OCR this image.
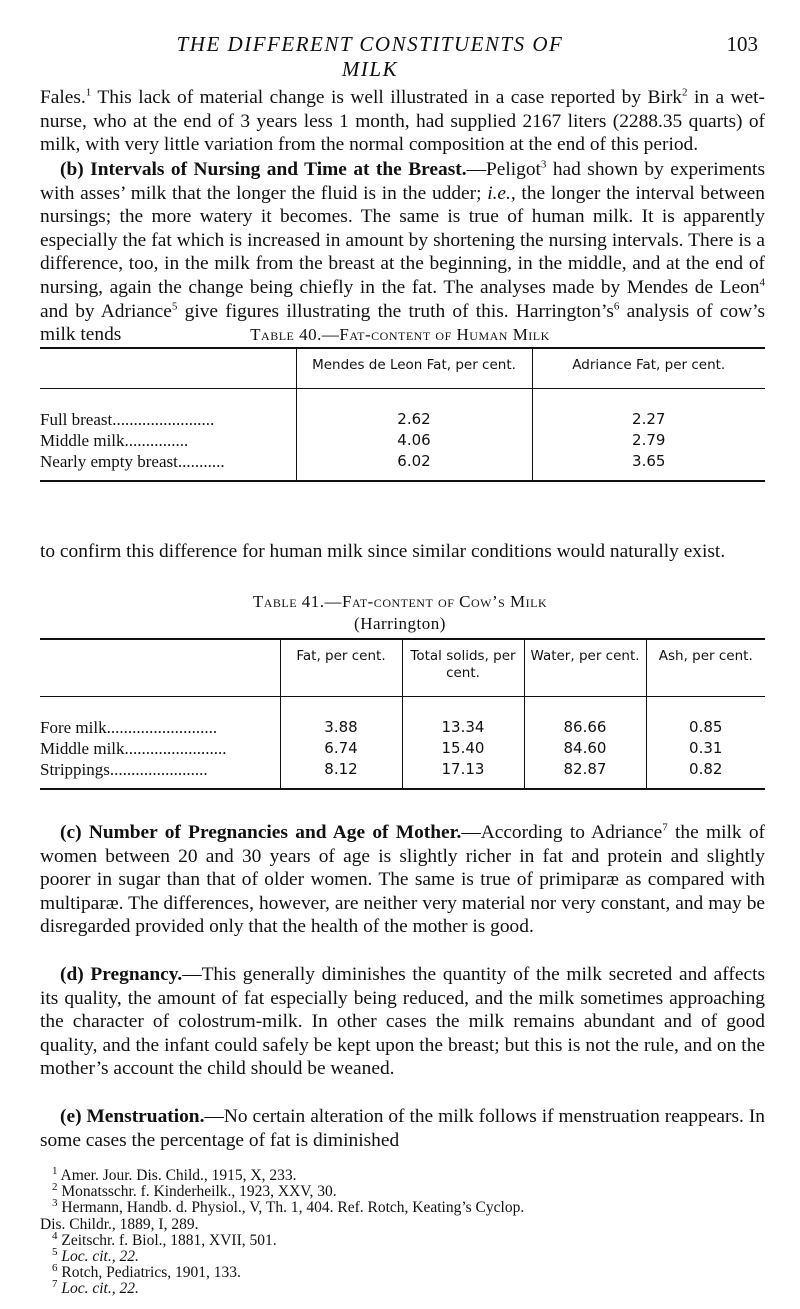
THE DIFFERENT CONSTITUENTS OF MILK
103

Fales.$^1$ This lack of material change is well illustrated in a case reported by Birk$^2$ in a wet-nurse, who at the end of 3 years less 1 month, had supplied 2167 liters (2288.35 quarts) of milk, with very little variation from the normal composition at the end of this period.

(b) Intervals of Nursing and Time at the Breast.—Peligot$^3$ had shown by experiments with asses’ milk that the longer the fluid is in the udder; i.e., the longer the interval between nursings; the more watery it becomes. The same is true of human milk. It is apparently especially the fat which is increased in amount by shortening the nursing intervals. There is a difference, too, in the milk from the breast at the beginning, in the middle, and at the end of nursing, again the change being chiefly in the fat. The analyses made by Mendes de Leon$^4$ and by Adriance$^5$ give figures illustrating the truth of this. $Harrington’s^6$ analysis of cow’s milk tends	Table 40.—Fat-content of Human Milk
	Mendes de Leon Fat, per cent.	Adriance Fat, per cent.
Full breast........................	2.62	2.27
Middle milk...............	4.06	2.79
Nearly empty breast...........	6.02	3.65

to confirm this difference for human milk since similar conditions would naturally exist.

Table 41.—Fat-content of Cow’s Milk
(Harrington)
	Fat, per cent.	Total solids, per cent.	Water, per cent.	Ash, per cent.
Fore milk..........................	3.88	13.34	86.66	0.85
Middle milk........................	6.74	15.40	84.60	0.31
Strippings.......................	8.12	17.13	82.87	0.82

(c) Number of Pregnancies and Age of Mother.—According to Adriance$^7$ the milk of women between 20 and 30 years of age is slightly richer in fat and protein and slightly poorer in sugar than that of older women. The same is true of primiparæ as compared with multiparæ. The differences, however, are neither very material nor very constant, and may be disregarded provided only that the health of the mother is good.

(d) Pregnancy.—This generally diminishes the quantity of the milk secreted and affects its quality, the amount of fat especially being reduced, and the milk sometimes approaching the character of colostrum-milk. In other cases the milk remains abundant and of good quality, and the infant could safely be kept upon the breast; but this is not the rule, and on the mother’s account the child should be weaned.

(e) Menstruation.—No certain alteration of the milk follows if menstruation reappears. In some cases the percentage of fat is diminished

$^1$ Amer. Jour. Dis. Child., 1915, X, 233.
$^2$ Monatsschr. f. Kinderheilk., 1923, XXV, 30.
$^3$ Hermann, Handb. d. Physiol., V, Th. 1, 404. Ref. Rotch, Keating’s Cyclop.
Dis. Childr., 1889, I, 289.
$^4$ Zeitschr. f. Biol., 1881, XVII, 501.
$^5$ Loc. cit., 22.
$^6$ Rotch, Pediatrics, 1901, 133.
$^7$ Loc. cit., 22.
